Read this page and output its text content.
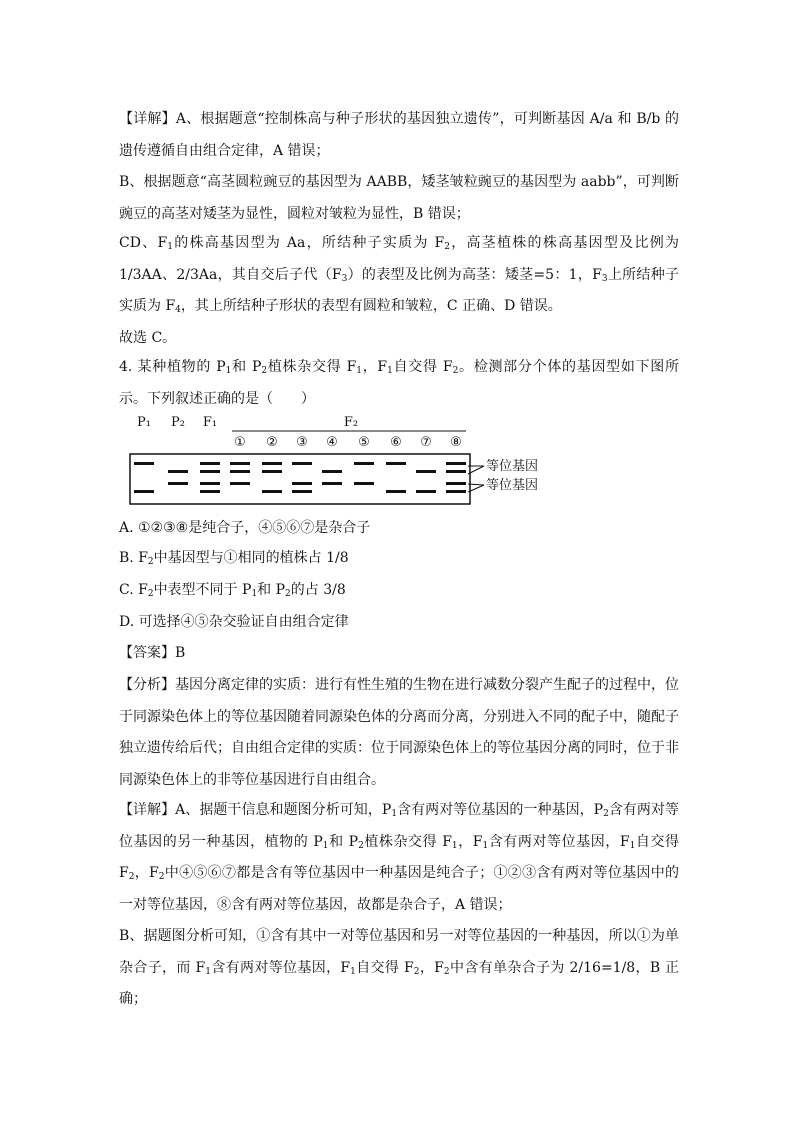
【详解】A、根据题意“控制株高与种子形状的基因独立遗传”，可判断基因 A/a 和 B/b 的遗传遵循自由组合定律，A 错误；

B、根据题意“高茎圆粒豌豆的基因型为 AABB，矮茎皱粒豌豆的基因型为 aabb”，可判断豌豆的高茎对矮茎为显性，圆粒对皱粒为显性，B 错误；

CD、$F_1$的株高基因型为 Aa，所结种子实质为 $F_2$，高茎植株的株高基因型及比例为 1/3AA、2/3Aa，其自交后子代$(F_3)$的表型及比例为高茎：矮茎=5：1，$F_3$上所结种子实质为 $F_4$，其上所结种子形状的表型有圆粒和皱粒，C 正确、D 错误。

故选 C。

4. 某种植物的 $P_1$和 $P_2$植株杂交得 $F_1$，$F_1$自交得 $F_2$。检测部分个体的基因型如下图所示。下列叙述正确的是（　　）

P₁ P₂ F₁	F₂
① ② ③ ④ ⑤ ⑥ ⑦ ⑧
等位基因
等位基因

A. ①②③⑧是纯合子，④⑤⑥⑦是杂合子

B. $F_2$中基因型与①相同的植株占 1/8

C. $F_2$中表型不同于 $P_1$和 $P_2$的占 3/8

D. 可选择④⑤杂交验证自由组合定律

【答案】B

【分析】基因分离定律的实质：进行有性生殖的生物在进行减数分裂产生配子的过程中，位于同源染色体上的等位基因随着同源染色体的分离而分离，分别进入不同的配子中，随配子独立遗传给后代；自由组合定律的实质：位于同源染色体上的等位基因分离的同时，位于非同源染色体上的非等位基因进行自由组合。

【详解】A、据题干信息和题图分析可知，$P_1$含有两对等位基因的一种基因，$P_2$含有两对等位基因的另一种基因，植物的 $P_1$和 $P_2$植株杂交得 $F_1$，$F_1$含有两对等位基因，$F_1$自交得 $F_2$，$F_2$中④⑤⑥⑦都是含有等位基因中一种基因是纯合子；①②③含有两对等位基因中的一对等位基因，⑧含有两对等位基因，故都是杂合子，A 错误；

B、据题图分析可知，①含有其中一对等位基因和另一对等位基因的一种基因，所以①为单杂合子，而 $F_1$含有两对等位基因，$F_1$自交得 $F_2$，$F_2$中含有单杂合子为 2/16=1/8，B 正确；
